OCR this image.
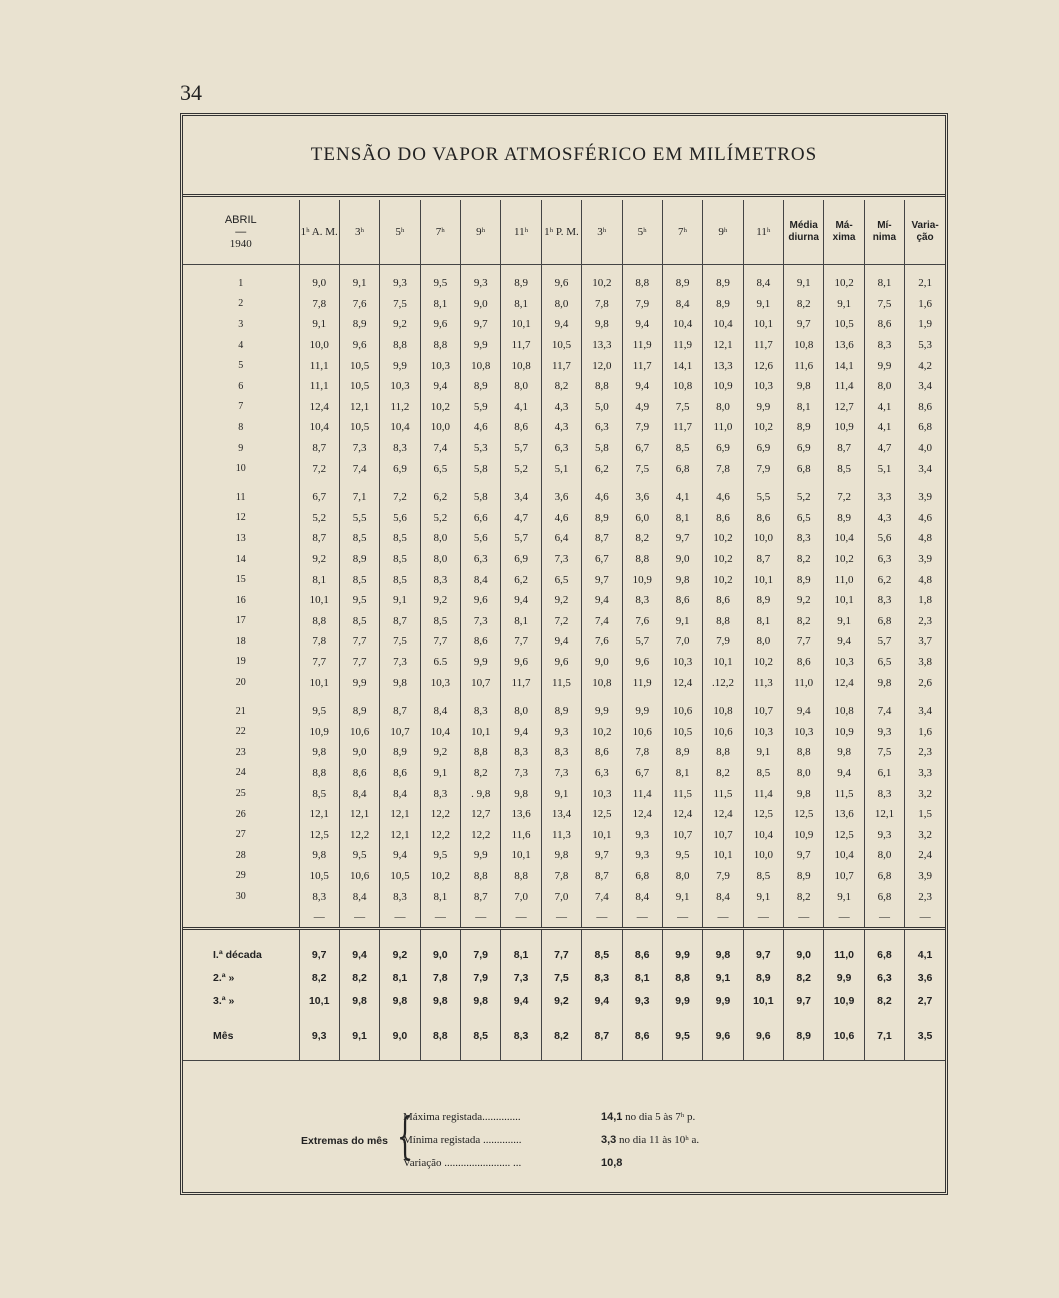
34
TENSÃO DO VAPOR ATMOSFÉRICO EM MILÍMETROS
ABRIL
—
1940	1ʰ A. M.	3ʰ	5ʰ	7ʰ	9ʰ	11ʰ	1ʰ P. M.	3ʰ	5ʰ	7ʰ	9ʰ	11ʰ	Média diurna	Má- xima	Mí- nima	Varia- ção

1	9,0	9,1	9,3	9,5	9,3	8,9	9,6	10,2	8,8	8,9	8,9	8,4	9,1	10,2	8,1	2,1
2	7,8	7,6	7,5	8,1	9,0	8,1	8,0	7,8	7,9	8,4	8,9	9,1	8,2	9,1	7,5	1,6
3	9,1	8,9	9,2	9,6	9,7	10,1	9,4	9,8	9,4	10,4	10,4	10,1	9,7	10,5	8,6	1,9
4	10,0	9,6	8,8	8,8	9,9	11,7	10,5	13,3	11,9	11,9	12,1	11,7	10,8	13,6	8,3	5,3
5	11,1	10,5	9,9	10,3	10,8	10,8	11,7	12,0	11,7	14,1	13,3	12,6	11,6	14,1	9,9	4,2
6	11,1	10,5	10,3	9,4	8,9	8,0	8,2	8,8	9,4	10,8	10,9	10,3	9,8	11,4	8,0	3,4
7	12,4	12,1	11,2	10,2	5,9	4,1	4,3	5,0	4,9	7,5	8,0	9,9	8,1	12,7	4,1	8,6
8	10,4	10,5	10,4	10,0	4,6	8,6	4,3	6,3	7,9	11,7	11,0	10,2	8,9	10,9	4,1	6,8
9	8,7	7,3	8,3	7,4	5,3	5,7	6,3	5,8	6,7	8,5	6,9	6,9	6,9	8,7	4,7	4,0
10	7,2	7,4	6,9	6,5	5,8	5,2	5,1	6,2	7,5	6,8	7,8	7,9	6,8	8,5	5,1	3,4

11	6,7	7,1	7,2	6,2	5,8	3,4	3,6	4,6	3,6	4,1	4,6	5,5	5,2	7,2	3,3	3,9
12	5,2	5,5	5,6	5,2	6,6	4,7	4,6	8,9	6,0	8,1	8,6	8,6	6,5	8,9	4,3	4,6
13	8,7	8,5	8,5	8,0	5,6	5,7	6,4	8,7	8,2	9,7	10,2	10,0	8,3	10,4	5,6	4,8
14	9,2	8,9	8,5	8,0	6,3	6,9	7,3	6,7	8,8	9,0	10,2	8,7	8,2	10,2	6,3	3,9
15	8,1	8,5	8,5	8,3	8,4	6,2	6,5	9,7	10,9	9,8	10,2	10,1	8,9	11,0	6,2	4,8
16	10,1	9,5	9,1	9,2	9,6	9,4	9,2	9,4	8,3	8,6	8,6	8,9	9,2	10,1	8,3	1,8
17	8,8	8,5	8,7	8,5	7,3	8,1	7,2	7,4	7,6	9,1	8,8	8,1	8,2	9,1	6,8	2,3
18	7,8	7,7	7,5	7,7	8,6	7,7	9,4	7,6	5,7	7,0	7,9	8,0	7,7	9,4	5,7	3,7
19	7,7	7,7	7,3	6.5	9,9	9,6	9,6	9,0	9,6	10,3	10,1	10,2	8,6	10,3	6,5	3,8
20	10,1	9,9	9,8	10,3	10,7	11,7	11,5	10,8	11,9	12,4	.12,2	11,3	11,0	12,4	9,8	2,6

21	9,5	8,9	8,7	8,4	8,3	8,0	8,9	9,9	9,9	10,6	10,8	10,7	9,4	10,8	7,4	3,4
22	10,9	10,6	10,7	10,4	10,1	9,4	9,3	10,2	10,6	10,5	10,6	10,3	10,3	10,9	9,3	1,6
23	9,8	9,0	8,9	9,2	8,8	8,3	8,3	8,6	7,8	8,9	8,8	9,1	8,8	9,8	7,5	2,3
24	8,8	8,6	8,6	9,1	8,2	7,3	7,3	6,3	6,7	8,1	8,2	8,5	8,0	9,4	6,1	3,3
25	8,5	8,4	8,4	8,3	. 9,8	9,8	9,1	10,3	11,4	11,5	11,5	11,4	9,8	11,5	8,3	3,2
26	12,1	12,1	12,1	12,2	12,7	13,6	13,4	12,5	12,4	12,4	12,4	12,5	12,5	13,6	12,1	1,5
27	12,5	12,2	12,1	12,2	12,2	11,6	11,3	10,1	9,3	10,7	10,7	10,4	10,9	12,5	9,3	3,2
28	9,8	9,5	9,4	9,5	9,9	10,1	9,8	9,7	9,3	9,5	10,1	10,0	9,7	10,4	8,0	2,4
29	10,5	10,6	10,5	10,2	8,8	8,8	7,8	8,7	6,8	8,0	7,9	8,5	8,9	10,7	6,8	3,9
30	8,3	8,4	8,3	8,1	8,7	7,0	7,0	7,4	8,4	9,1	8,4	9,1	8,2	9,1	6,8	2,3
	—	—	—	—	—	—	—	—	—	—	—	—	—	—	—	—

I.ª década	9,7	9,4	9,2	9,0	7,9	8,1	7,7	8,5	8,6	9,9	9,8	9,7	9,0	11,0	6,8	4,1
2.ª »	8,2	8,2	8,1	7,8	7,9	7,3	7,5	8,3	8,1	8,8	9,1	8,9	8,2	9,9	6,3	3,6
3.ª »	10,1	9,8	9,8	9,8	9,8	9,4	9,2	9,4	9,3	9,9	9,9	10,1	9,7	10,9	8,2	2,7

Mês	9,3	9,1	9,0	8,8	8,5	8,3	8,2	8,7	8,6	9,5	9,6	9,6	8,9	10,6	7,1	3,5

Extremas do mês {
Máxima registada..............	14,1 no dia 5 às 7ʰ p.
Mínima registada ..............	3,3 no dia 11 às 10ʰ a.
Variação ........................ ...	10,8
